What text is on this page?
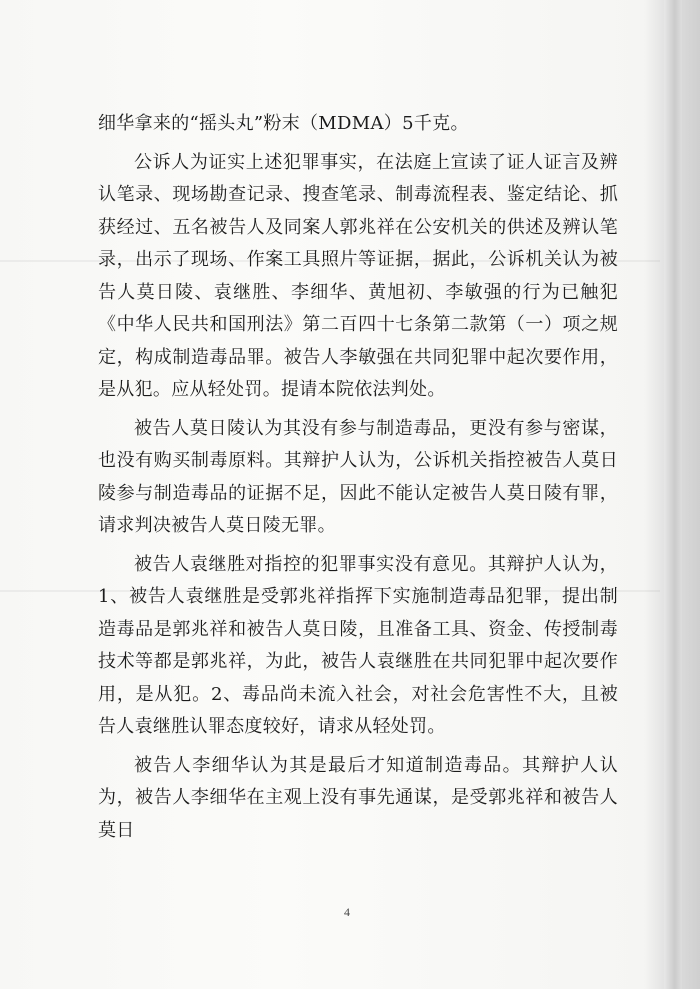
细华拿来的“摇头丸”粉末（MDMA）5千克。

公诉人为证实上述犯罪事实，在法庭上宣读了证人证言及辨认笔录、现场勘查记录、搜查笔录、制毒流程表、鉴定结论、抓获经过、五名被告人及同案人郭兆祥在公安机关的供述及辨认笔录，出示了现场、作案工具照片等证据，据此，公诉机关认为被告人莫日陵、袁继胜、李细华、黄旭初、李敏强的行为已触犯《中华人民共和国刑法》第二百四十七条第二款第（一）项之规定，构成制造毒品罪。被告人李敏强在共同犯罪中起次要作用，是从犯。应从轻处罚。提请本院依法判处。

被告人莫日陵认为其没有参与制造毒品，更没有参与密谋，也没有购买制毒原料。其辩护人认为，公诉机关指控被告人莫日陵参与制造毒品的证据不足，因此不能认定被告人莫日陵有罪，请求判决被告人莫日陵无罪。

被告人袁继胜对指控的犯罪事实没有意见。其辩护人认为，1、被告人袁继胜是受郭兆祥指挥下实施制造毒品犯罪，提出制造毒品是郭兆祥和被告人莫日陵，且准备工具、资金、传授制毒技术等都是郭兆祥，为此，被告人袁继胜在共同犯罪中起次要作用，是从犯。2、毒品尚未流入社会，对社会危害性不大，且被告人袁继胜认罪态度较好，请求从轻处罚。

被告人李细华认为其是最后才知道制造毒品。其辩护人认为，被告人李细华在主观上没有事先通谋，是受郭兆祥和被告人莫日

4
